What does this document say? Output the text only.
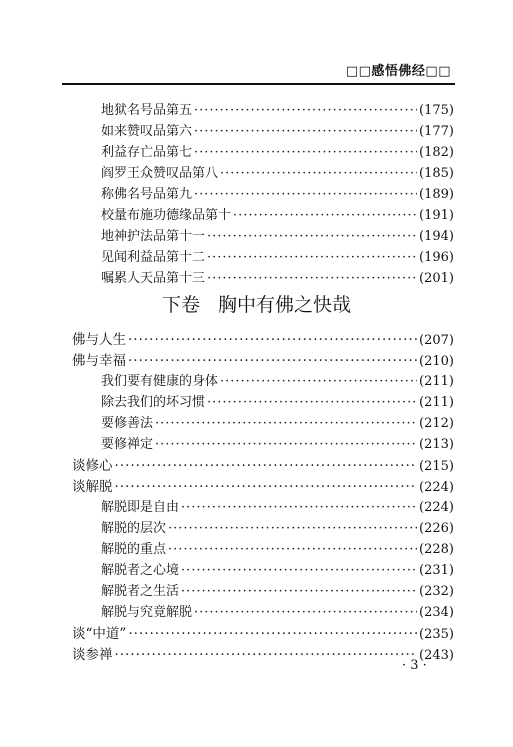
□□感悟佛经□□
地狱名号品第五 ·····	(175)
如来赞叹品第六 ·····	(177)
利益存亡品第七 ·····	(182)
阎罗王众赞叹品第八 ·····	(185)
称佛名号品第九 ·····	(189)
校量布施功德缘品第十 ·····	(191)
地神护法品第十一 ·····	(194)
见闻利益品第十二 ·····	(196)
嘱累人天品第十三 ·····	(201)
下卷 胸中有佛之快哉
佛与人生 ·····	(207)
佛与幸福 ·····	(210)
我们要有健康的身体 ·····	(211)
除去我们的坏习惯 ·····	(211)
要修善法 ·····	(212)
要修禅定 ·····	(213)
谈修心 ·····	(215)
谈解脱 ·····	(224)
解脱即是自由 ·····	(224)
解脱的层次 ·····	(226)
解脱的重点 ·····	(228)
解脱者之心境 ·····	(231)
解脱者之生活 ·····	(232)
解脱与究竟解脱 ·····	(234)
谈“中道” ·····	(235)
谈参禅 ·····	(243)
· 3 ·
